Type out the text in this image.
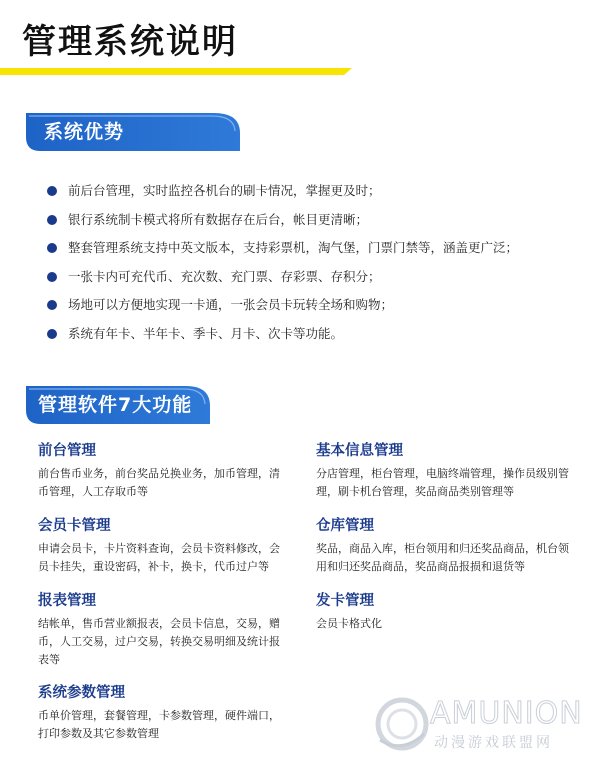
管理系统说明
系统优势
前后台管理，实时监控各机台的刷卡情况，掌握更及时；
银行系统制卡模式将所有数据存在后台，帐目更清晰；
整套管理系统支持中英文版本，支持彩票机，淘气堡，门票门禁等，涵盖更广泛；
一张卡内可充代币、充次数、充门票、存彩票、存积分；
场地可以方便地实现一卡通，一张会员卡玩转全场和购物；
系统有年卡、半年卡、季卡、月卡、次卡等功能。
管理软件7大功能

前台管理

前台售币业务，前台奖品兑换业务，加币管理，清币管理，人工存取币等

基本信息管理

分店管理，柜台管理，电脑终端管理，操作员级别管理，刷卡机台管理，奖品商品类别管理等

会员卡管理

申请会员卡，卡片资料查询，会员卡资料修改，会员卡挂失，重设密码，补卡，换卡，代币过户等

仓库管理

奖品，商品入库，柜台领用和归还奖品商品，机台领用和归还奖品商品，奖品商品报损和退货等

报表管理

结帐单，售币营业额报表，会员卡信息，交易，赠币，人工交易，过户交易，转换交易明细及统计报表等

发卡管理

会员卡格式化

系统参数管理

币单价管理，套餐管理，卡参数管理，硬件端口，打印参数及其它参数管理

AMUNION
动漫游戏联盟网
